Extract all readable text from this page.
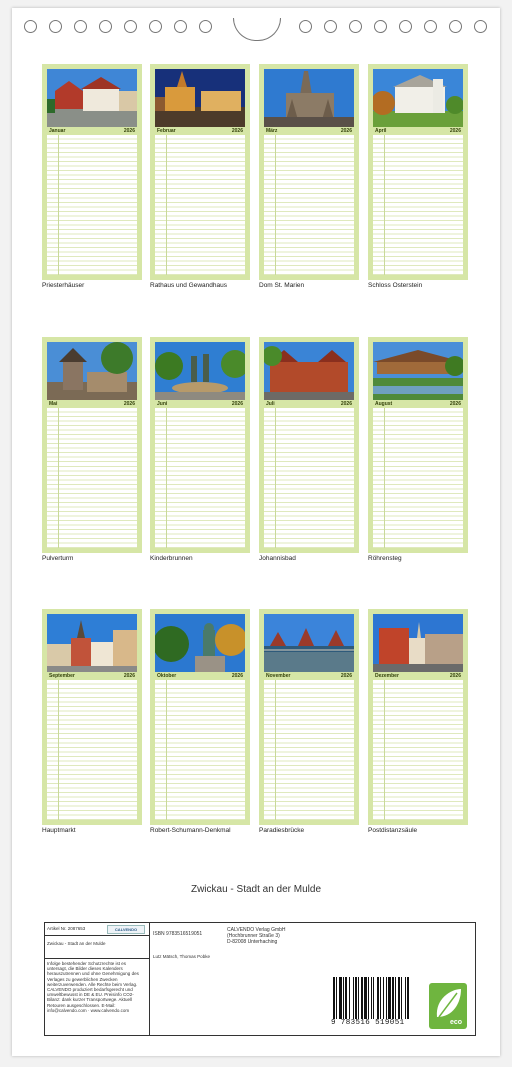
Januar	2026	Februar	2026	März	2026	April	2026
Priesterhäuser	Rathaus und Gewandhaus	Dom St. Marien	Schloss Osterstein
Mai	2026	Juni	2026	Juli	2026	August	2026
Pulverturm	Kinderbrunnen	Johannisbad	Röhrensteg
September	2026	Oktober	2026	November	2026	Dezember	2026
Hauptmarkt	Robert-Schumann-Denkmal	Paradiesbrücke	Postdistanzsäule
Zwickau - Stadt an der Mulde
Artikel Nr. 2087653	CALVENDO
Zwickau - Stadt an der Mulde
Infolge bestehender Schutzrechte ist es untersagt, die Bilder dieses Kalenders herauszutrennen und ohne Genehmigung des Verlages zu gewerblichen Zwecken weiterzuverwenden. Alle Rechte beim Verlag. CALVENDO produziert bedarfsgerecht und umweltbewusst in DE & EU. Preisinfo CO2-Bilanz: dank kurzer Transportwege. Aktuell Retouren ausgeschlossen. E-Mail: info@calvendo.com · www.calvendo.com
ISBN 9783516519051
CALVENDO Verlag GmbH
(Hochbrunner Straße 3)
D-82008 Unterhaching
Lutz Mätsch, Thomas Pobke
9 783516 519051	eco
